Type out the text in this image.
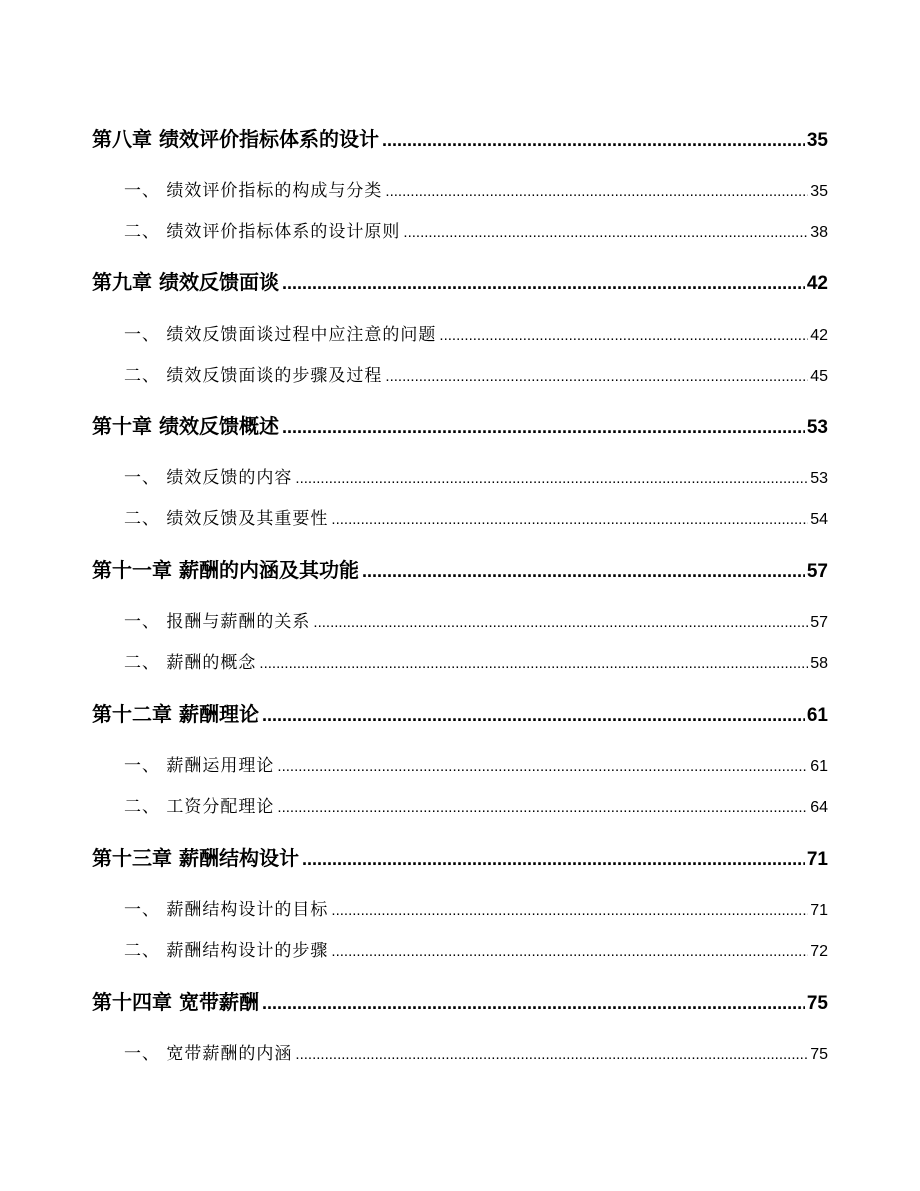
第八章 绩效评价指标体系的设计 .....	35
一、 绩效评价指标的构成与分类 .....	35
二、 绩效评价指标体系的设计原则 .....	38
第九章 绩效反馈面谈 .....	42
一、 绩效反馈面谈过程中应注意的问题 .....	42
二、 绩效反馈面谈的步骤及过程 .....	45
第十章 绩效反馈概述 .....	53
一、 绩效反馈的内容 .....	53
二、 绩效反馈及其重要性 .....	54
第十一章 薪酬的内涵及其功能 .....	57
一、 报酬与薪酬的关系 .....	57
二、 薪酬的概念 .....	58
第十二章 薪酬理论 .....	61
一、 薪酬运用理论 .....	61
二、 工资分配理论 .....	64
第十三章 薪酬结构设计 .....	71
一、 薪酬结构设计的目标 .....	71
二、 薪酬结构设计的步骤 .....	72
第十四章 宽带薪酬 .....	75
一、 宽带薪酬的内涵 .....	75
